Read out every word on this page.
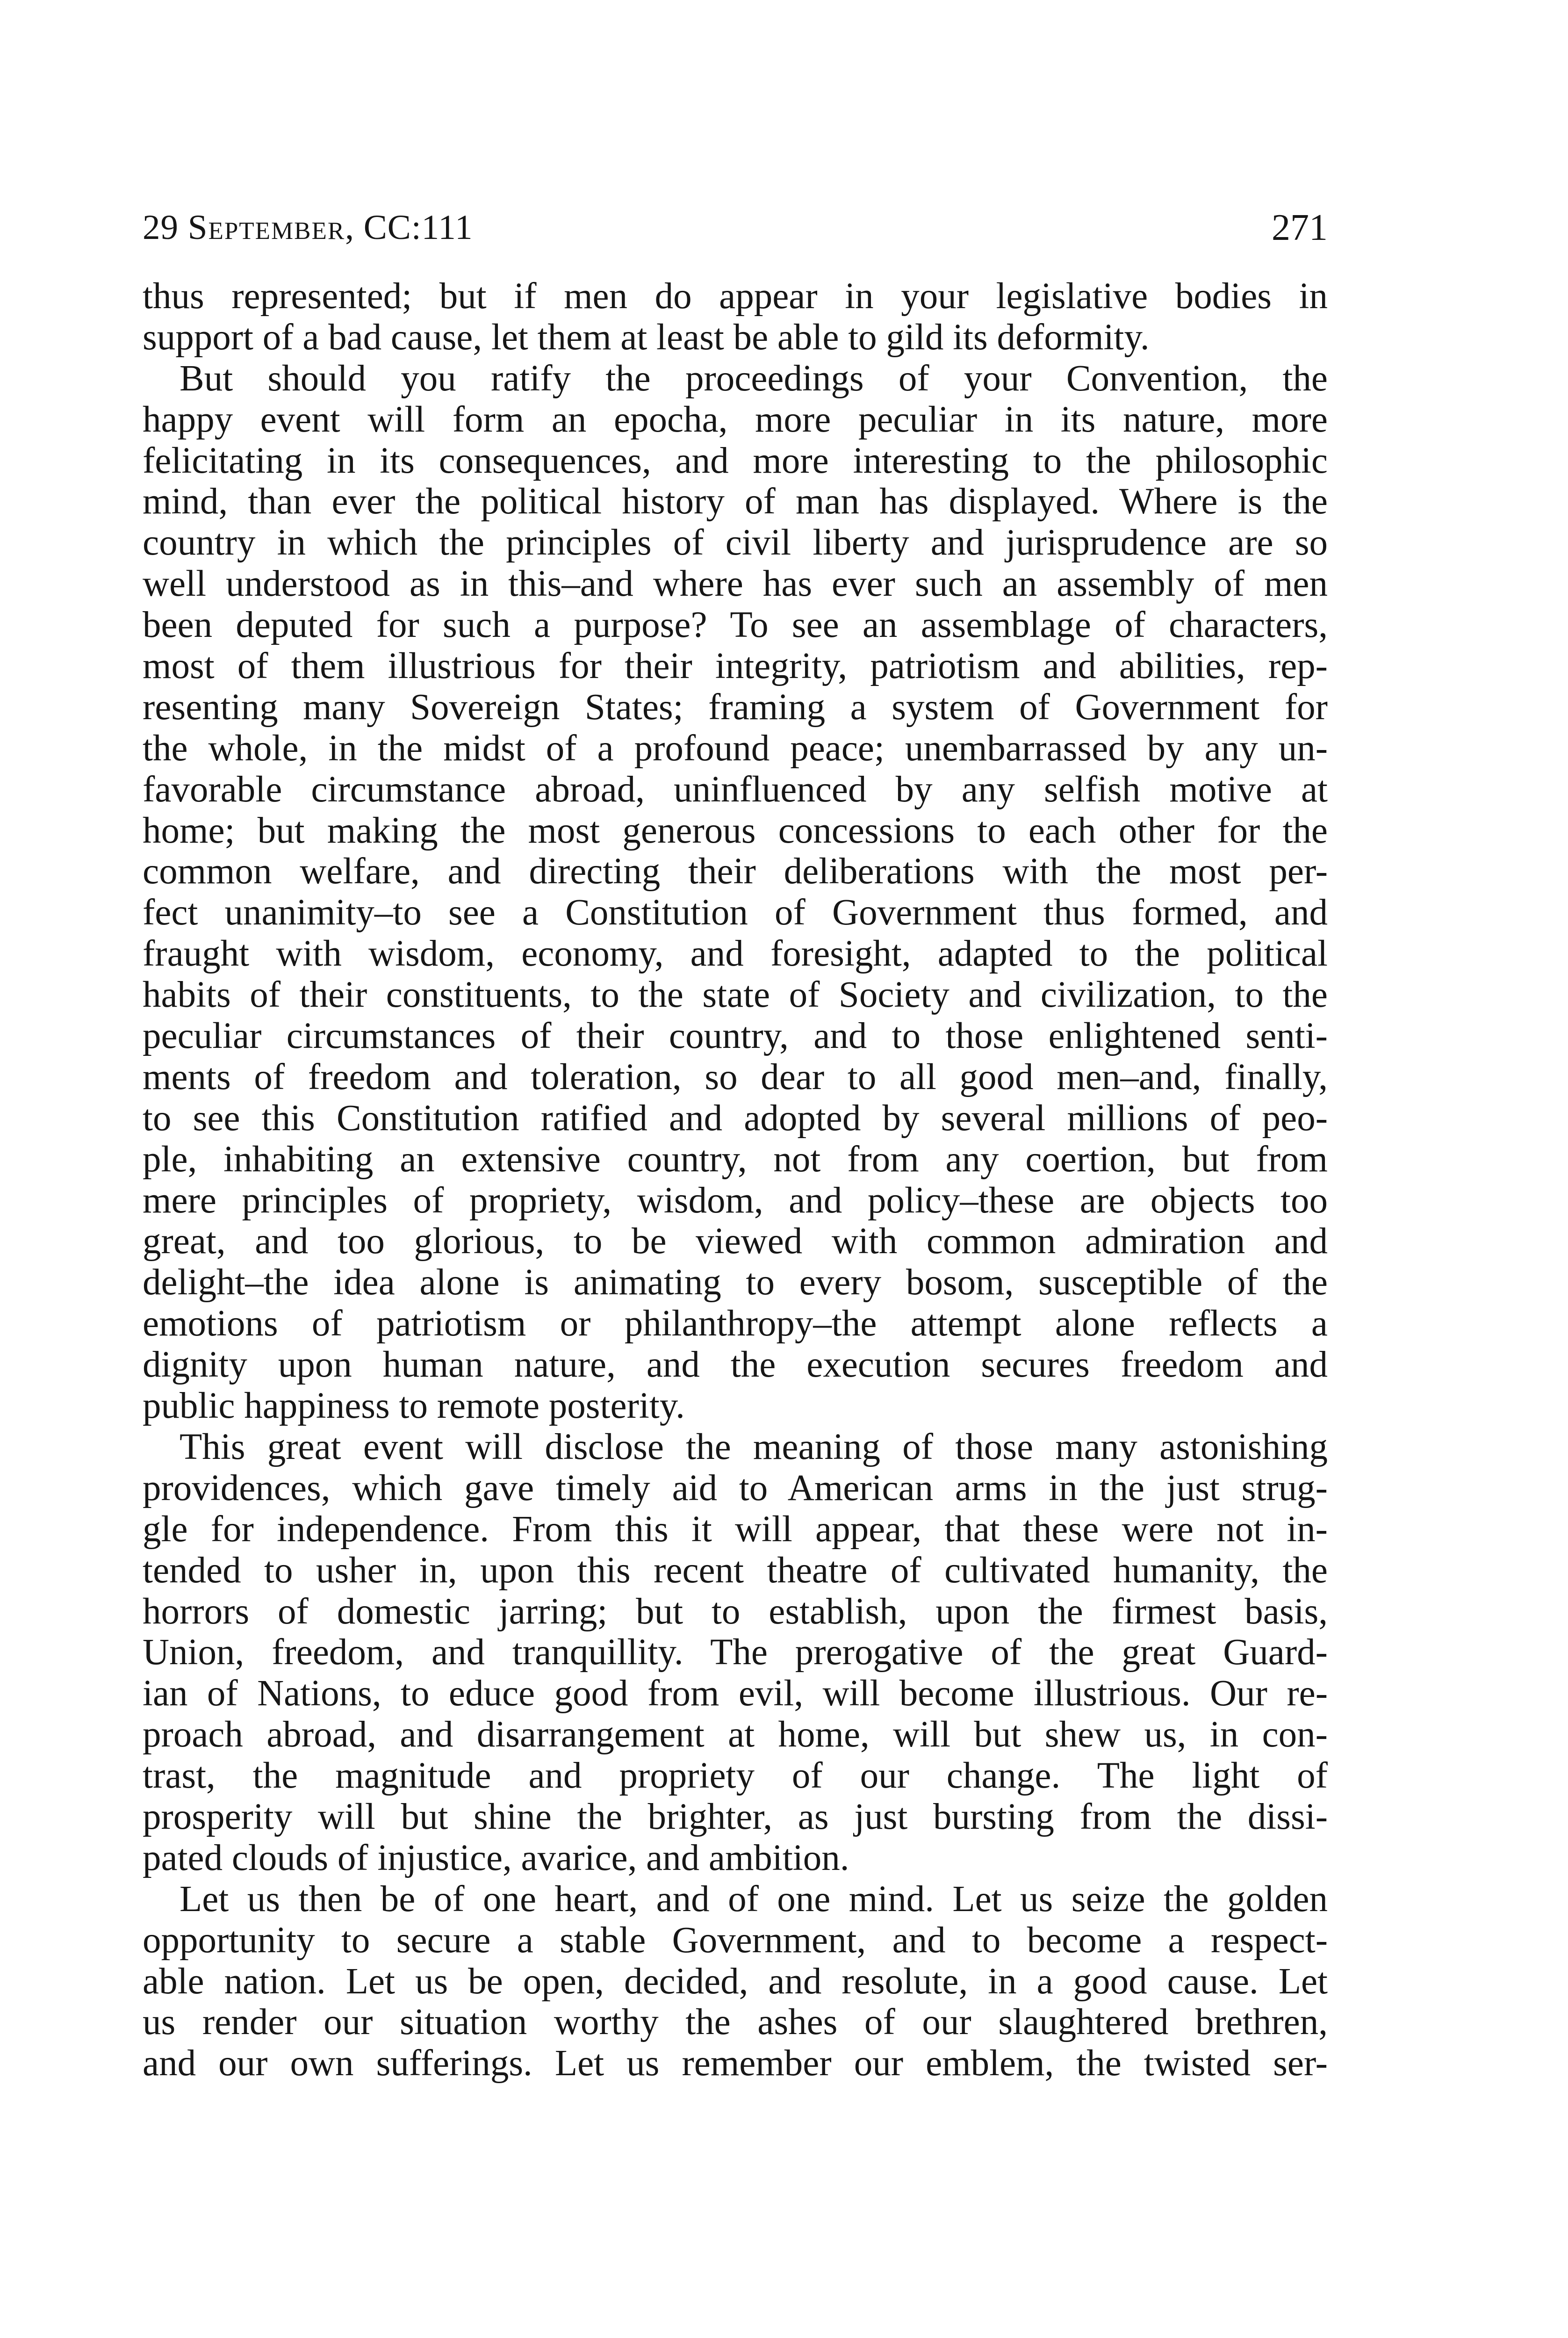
29 September, CC:111	271

thus represented; but if men do appear in your legislative bodies in
support of a bad cause, let them at least be able to gild its deformity.

 But should you ratify the proceedings of your Convention, the
happy event will form an epocha, more peculiar in its nature, more
felicitating in its consequences, and more interesting to the philosophic
mind, than ever the political history of man has displayed. Where is the
country in which the principles of civil liberty and jurisprudence are so
well understood as in this–and where has ever such an assembly of men
been deputed for such a purpose? To see an assemblage of characters,
most of them illustrious for their integrity, patriotism and abilities, rep-
resenting many Sovereign States; framing a system of Government for
the whole, in the midst of a profound peace; unembarrassed by any un-
favorable circumstance abroad, uninfluenced by any selfish motive at
home; but making the most generous concessions to each other for the
common welfare, and directing their deliberations with the most per-
fect unanimity–to see a Constitution of Government thus formed, and
fraught with wisdom, economy, and foresight, adapted to the political
habits of their constituents, to the state of Society and civilization, to the
peculiar circumstances of their country, and to those enlightened senti-
ments of freedom and toleration, so dear to all good men–and, finally,
to see this Constitution ratified and adopted by several millions of peo-
ple, inhabiting an extensive country, not from any coertion, but from
mere principles of propriety, wisdom, and policy–these are objects too
great, and too glorious, to be viewed with common admiration and
delight–the idea alone is animating to every bosom, susceptible of the
emotions of patriotism or philanthropy–the attempt alone reflects a
dignity upon human nature, and the execution secures freedom and
public happiness to remote posterity.

 This great event will disclose the meaning of those many astonishing
providences, which gave timely aid to American arms in the just strug-
gle for independence. From this it will appear, that these were not in-
tended to usher in, upon this recent theatre of cultivated humanity, the
horrors of domestic jarring; but to establish, upon the firmest basis,
Union, freedom, and tranquillity. The prerogative of the great Guard-
ian of Nations, to educe good from evil, will become illustrious. Our re-
proach abroad, and disarrangement at home, will but shew us, in con-
trast, the magnitude and propriety of our change. The light of
prosperity will but shine the brighter, as just bursting from the dissi-
pated clouds of injustice, avarice, and ambition.

 Let us then be of one heart, and of one mind. Let us seize the golden
opportunity to secure a stable Government, and to become a respect-
able nation. Let us be open, decided, and resolute, in a good cause. Let
us render our situation worthy the ashes of our slaughtered brethren,
and our own sufferings. Let us remember our emblem, the twisted ser-
